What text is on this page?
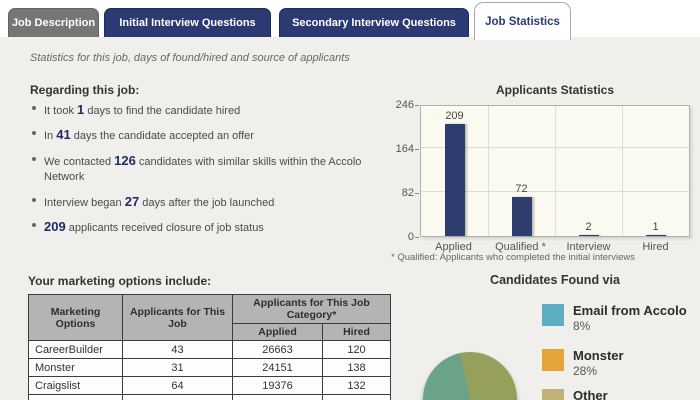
Job Description	Initial Interview Questions	Secondary Interview Questions	Job Statistics
Statistics for this job, days of found/hired and source of applicants
Regarding this job:
It took 1 days to find the candidate hired
In 41 days the candidate accepted an offer
We contacted 126 candidates with similar skills within the Accolo Network
Interview began 27 days after the job launched
209 applicants received closure of job status
Your marketing options include:
Marketing Options	Applicants for This Job	Applicants for This Job Category*	
		Applied	Hired
CareerBuilder	43	26663	120
Monster	31	24151	138
Craigslist	64	19376	132

Applicants Statistics
246
164
82
0
209
72
2	1
Applied	Qualified *	Interview	Hired
* Qualified: Applicants who completed the initial interviews
Candidates Found via
Email from Accolo
8%
Monster
28%
Other
